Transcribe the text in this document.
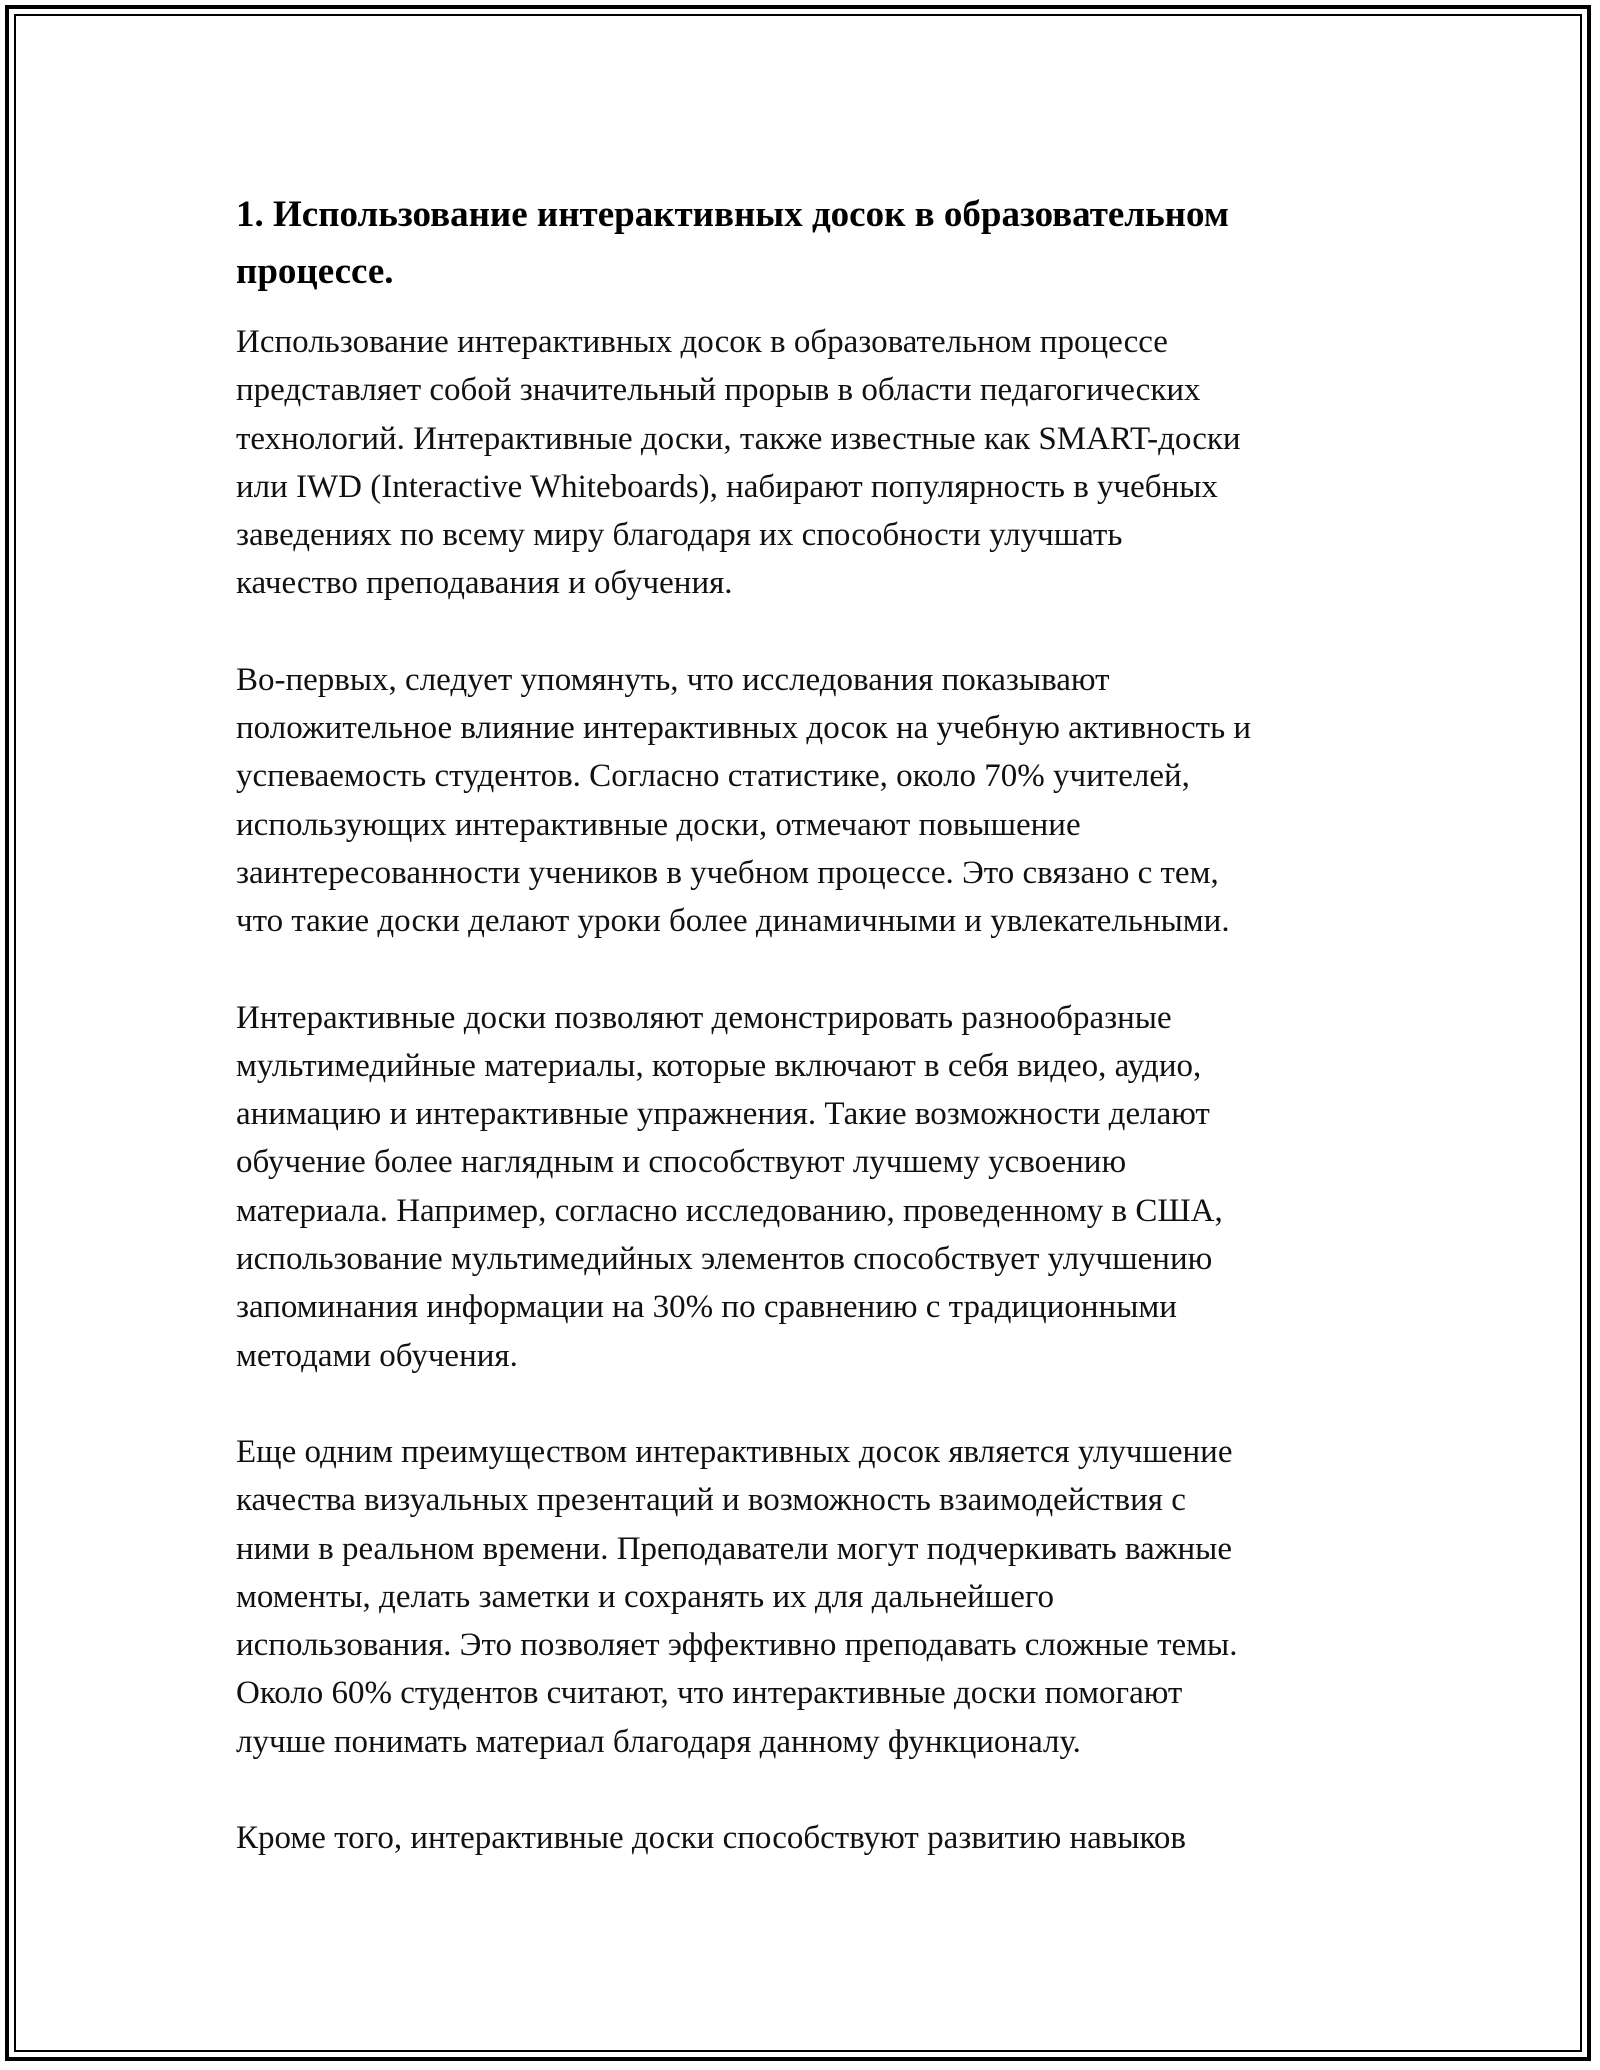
1. Использование интерактивных досок в образовательном
процессе.

Использование интерактивных досок в образовательном процессе
представляет собой значительный прорыв в области педагогических
технологий. Интерактивные доски, также известные как SMART-доски
или IWD (Interactive Whiteboards), набирают популярность в учебных
заведениях по всему миру благодаря их способности улучшать
качество преподавания и обучения.

Во-первых, следует упомянуть, что исследования показывают
положительное влияние интерактивных досок на учебную активность и
успеваемость студентов. Согласно статистике, около 70% учителей,
использующих интерактивные доски, отмечают повышение
заинтересованности учеников в учебном процессе. Это связано с тем,
что такие доски делают уроки более динамичными и увлекательными.

Интерактивные доски позволяют демонстрировать разнообразные
мультимедийные материалы, которые включают в себя видео, аудио,
анимацию и интерактивные упражнения. Такие возможности делают
обучение более наглядным и способствуют лучшему усвоению
материала. Например, согласно исследованию, проведенному в США,
использование мультимедийных элементов способствует улучшению
запоминания информации на 30% по сравнению с традиционными
методами обучения.

Еще одним преимуществом интерактивных досок является улучшение
качества визуальных презентаций и возможность взаимодействия с
ними в реальном времени. Преподаватели могут подчеркивать важные
моменты, делать заметки и сохранять их для дальнейшего
использования. Это позволяет эффективно преподавать сложные темы.
Около 60% студентов считают, что интерактивные доски помогают
лучше понимать материал благодаря данному функционалу.

Кроме того, интерактивные доски способствуют развитию навыков
